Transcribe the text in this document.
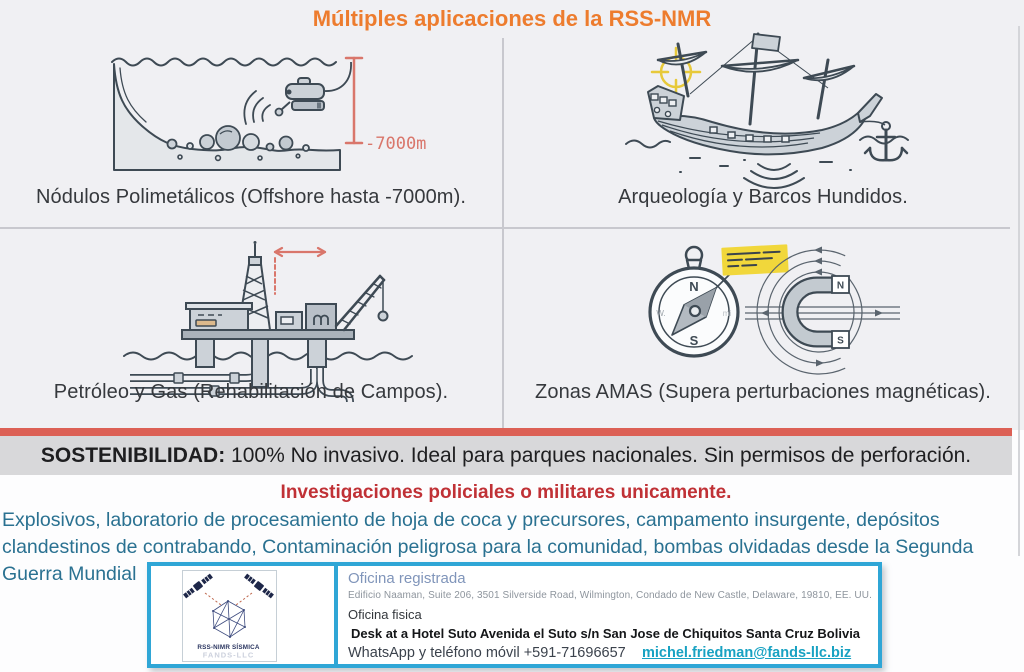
Múltiples aplicaciones de la RSS-NMR
-7000m
Nódulos Polimetálicos (Offshore hasta -7000m).	Arqueología y Barcos Hundidos.
Petróleo y Gas (Rehabilitación de Campos).
N
S
W.	mi
N
S
Zonas AMAS (Supera perturbaciones magnéticas).
SOSTENIBILIDAD: 100% No invasivo. Ideal para parques nacionales. Sin permisos de perforación.
Investigaciones policiales o militares unicamente.
Explosivos, laboratorio de procesamiento de hoja de coca y precursores, campamento insurgente, depósitos clandestinos de contrabando, Contaminación peligrosa para la comunidad, bombas olvidadas desde la Segunda Guerra Mundial
RSS-NIMR SÍSMICA
FANDS-LLC
Oficina registrada
Edificio Naaman, Suite 206, 3501 Silverside Road, Wilmington, Condado de New Castle, Delaware, 19810, EE. UU.
Oficina fisica
Desk at a Hotel Suto Avenida el Suto s/n San Jose de Chiquitos Santa Cruz Bolivia
WhatsApp y teléfono móvil +591-71696657 michel.friedman@fands-llc.biz
